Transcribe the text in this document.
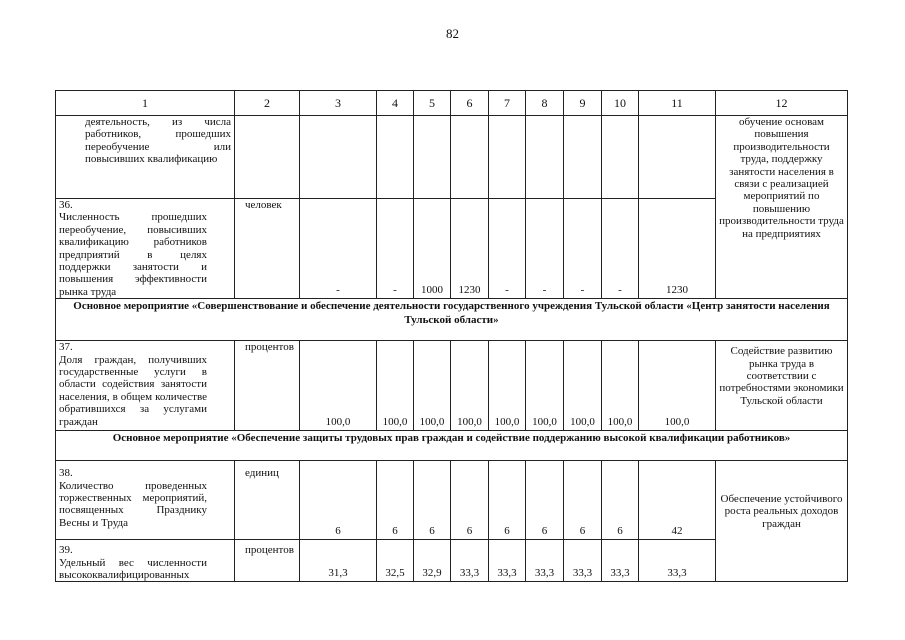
82
1	2	3	4	5	6	7	8	9	10	11	12

деятельность, из числа работников, прошедших переобучение или повысивших квалификацию											обучение основам повышения производительности труда, поддержку занятости населения в связи с реализацией мероприятий по повышению производительности труда на предприятиях
36.Численность прошедших переобучение, повысивших квалификацию работников предприятий в целях поддержки занятости и повышения эффективности рынка труда	человек	-	-	1000	1230	-	-	-	-	1230	
Основное мероприятие «Совершенствование и обеспечение деятельности государственного учреждения Тульской области «Центр занятости населения Тульской области»											
37.Доля граждан, получивших государственные услуги в области содействия занятости населения, в общем количестве обратившихся за услугами граждан	процентов	100,0	100,0	100,0	100,0	100,0	100,0	100,0	100,0	100,0	Содействие развитию рынка труда в соответствии с потребностями экономики Тульской области
Основное мероприятие «Обеспечение защиты трудовых прав граждан и содействие поддержанию высокой квалификации работников»											
38.Количество проведенных торжественных мероприятий, посвященных Празднику Весны и Труда	единиц	6	6	6	6	6	6	6	6	42	Обеспечение устойчивого роста реальных доходов граждан
39.Удельный вес численности высококвалифицированных	процентов	31,3	32,5	32,9	33,3	33,3	33,3	33,3	33,3	33,3	
